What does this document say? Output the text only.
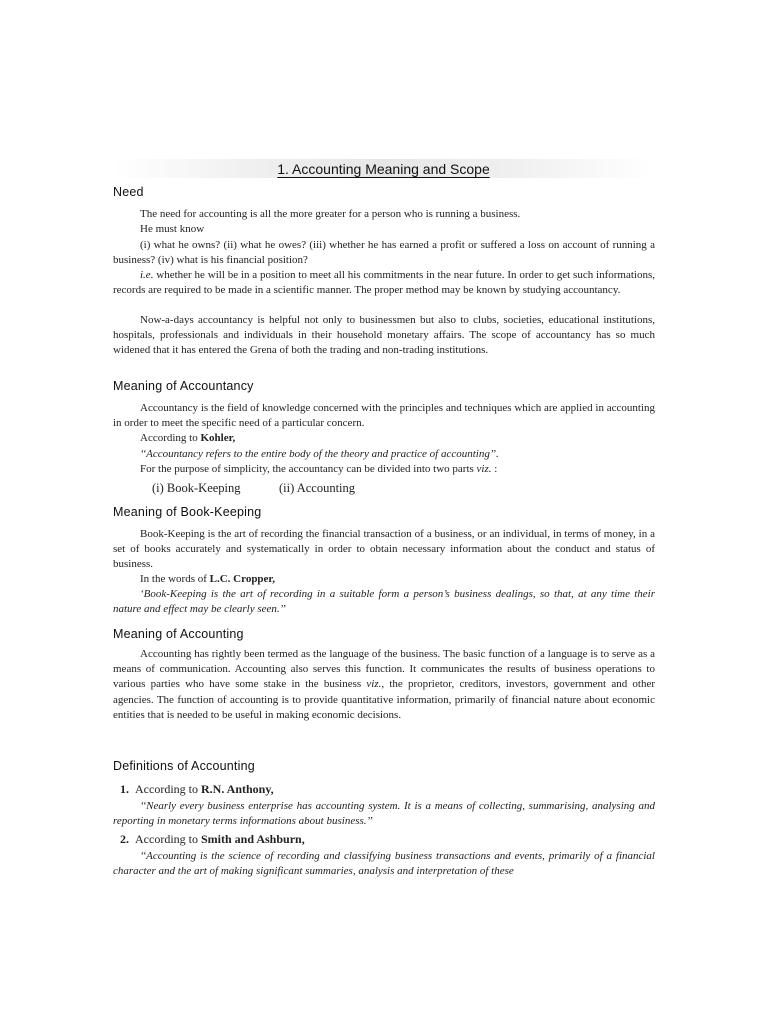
1. Accounting Meaning and Scope
Need

The need for accounting is all the more greater for a person who is running a business.

He must know

(i) what he owns? (ii) what he owes? (iii) whether he has earned a profit or suffered a loss on account of running a business? (iv) what is his financial position?

i.e. whether he will be in a position to meet all his commitments in the near future. In order to get such informations, records are required to be made in a scientific manner. The proper method may be known by studying accountancy.

Now-a-days accountancy is helpful not only to businessmen but also to clubs, societies, educational institutions, hospitals, professionals and individuals in their household monetary affairs. The scope of accountancy has so much widened that it has entered the Grena of both the trading and non-trading institutions.

Meaning of Accountancy

Accountancy is the field of knowledge concerned with the principles and techniques which are applied in accounting in order to meet the specific need of a particular concern.

According to Kohler,

‘‘Accountancy refers to the entire body of the theory and practice of accounting’’.

For the purpose of simplicity, the accountancy can be divided into two parts viz. :

(i) Book-Keeping	(ii) Accounting

Meaning of Book-Keeping

Book-Keeping is the art of recording the financial transaction of a business, or an individual, in terms of money, in a set of books accurately and systematically in order to obtain necessary information about the conduct and status of business.

In the words of L.C. Cropper,

‘Book-Keeping is the art of recording in a suitable form a person’s business dealings, so that, at any time their nature and effect may be clearly seen.’’

Meaning of Accounting

Accounting has rightly been termed as the language of the business. The basic function of a language is to serve as a means of communication. Accounting also serves this function. It communicates the results of business operations to various parties who have some stake in the business viz., the proprietor, creditors, investors, government and other agencies. The function of accounting is to provide quantitative information, primarily of financial nature about economic entities that is needed to be useful in making economic decisions.

Definitions of Accounting

1. According to R.N. Anthony,

‘‘Nearly every business enterprise has accounting system. It is a means of collecting, summarising, analysing and reporting in monetary terms informations about business.’’

2. According to Smith and Ashburn,

‘‘Accounting is the science of recording and classifying business transactions and events, primarily of a financial character and the art of making significant summaries, analysis and interpretation of these
